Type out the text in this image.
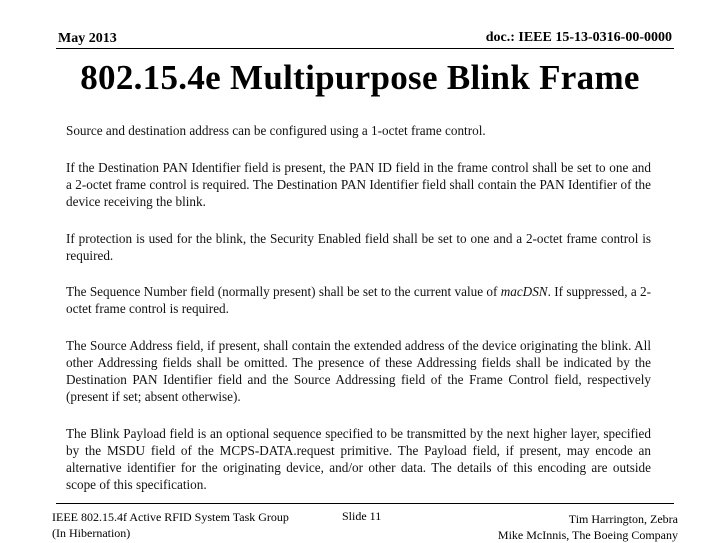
May 2013	doc.: IEEE 15-13-0316-00-0000
802.15.4e Multipurpose Blink Frame

Source and destination address can be configured using a 1-octet frame control.

If the Destination PAN Identifier field is present, the PAN ID field in the frame control shall be set to one and a 2-octet frame control is required. The Destination PAN Identifier field shall contain the PAN Identifier of the device receiving the blink.

If protection is used for the blink, the Security Enabled field shall be set to one and a 2-octet frame control is required.

The Sequence Number field (normally present) shall be set to the current value of macDSN. If suppressed, a 2-octet frame control is required.

The Source Address field, if present, shall contain the extended address of the device originating the blink. All other Addressing fields shall be omitted. The presence of these Addressing fields shall be indicated by the Destination PAN Identifier field and the Source Addressing field of the Frame Control field, respectively (present if set; absent otherwise).

The Blink Payload field is an optional sequence specified to be transmitted by the next higher layer, specified by the MSDU field of the MCPS-DATA.request primitive. The Payload field, if present, may encode an alternative identifier for the originating device, and/or other data. The details of this encoding are outside scope of this specification.

IEEE 802.15.4f Active RFID System Task Group
(In Hibernation)
Slide 11	Tim Harrington, Zebra
Mike McInnis, The Boeing Company
